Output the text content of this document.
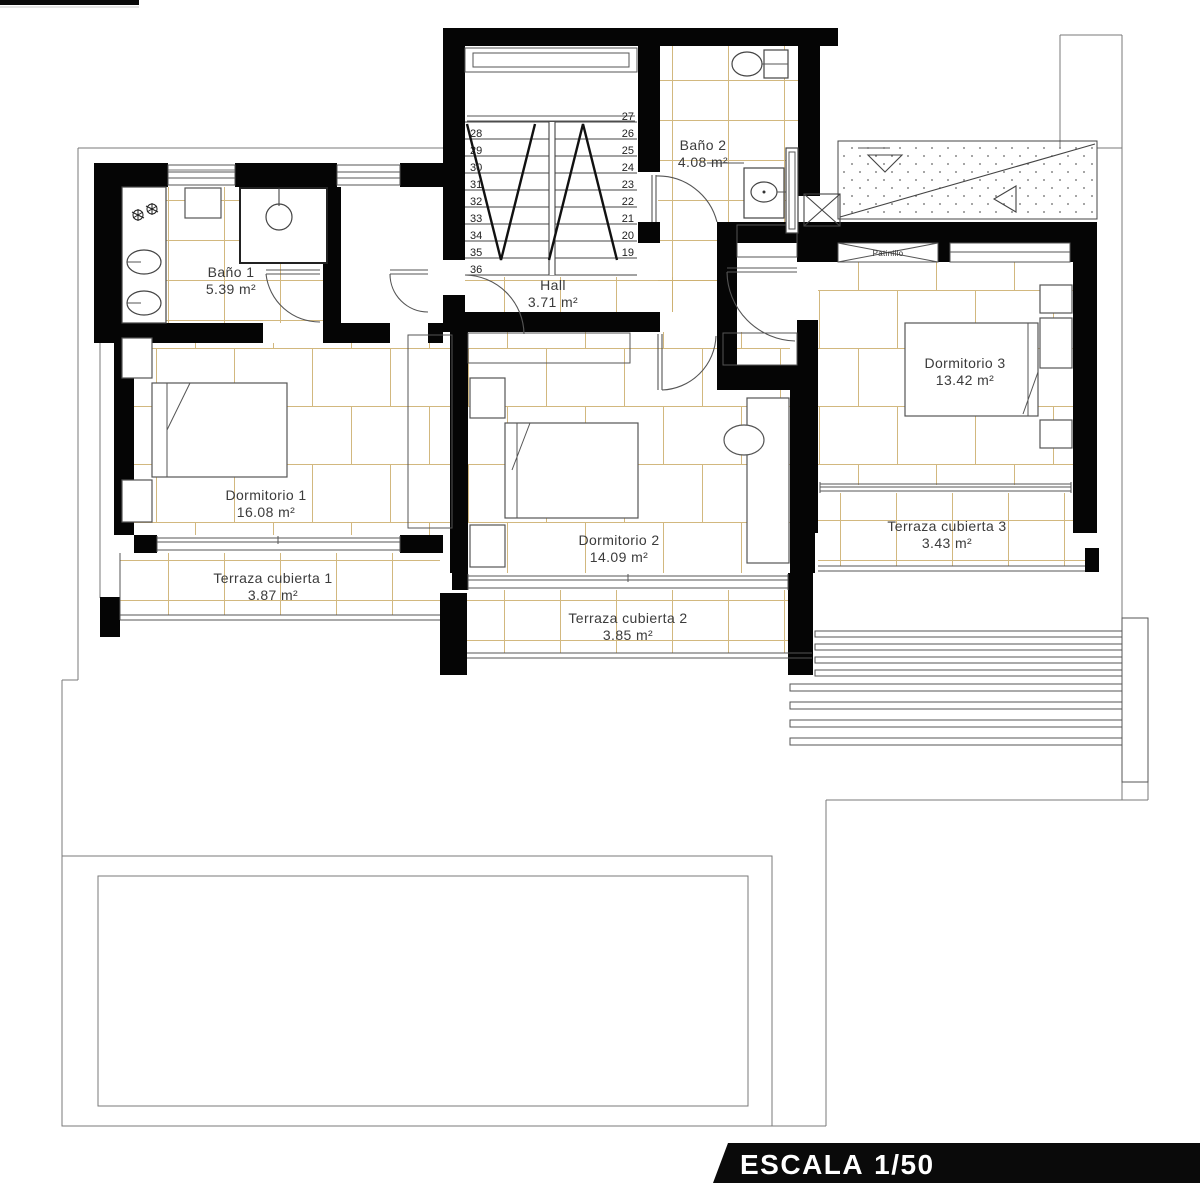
28
29
30
31
32
33
34
35
36
27
26
25
24
23
22
21
20
19	Patinillo
Baño 1
5.39 m²
Baño 2
4.08 m²
Hall
3.71 m²
Dormitorio 1
16.08 m²
Dormitorio 2
14.09 m²
Dormitorio 3
13.42 m²
Terraza cubierta 1
3.87 m²
Terraza cubierta 2
3.85 m²
Terraza cubierta 3
3.43 m²
ESCALA 1/50
